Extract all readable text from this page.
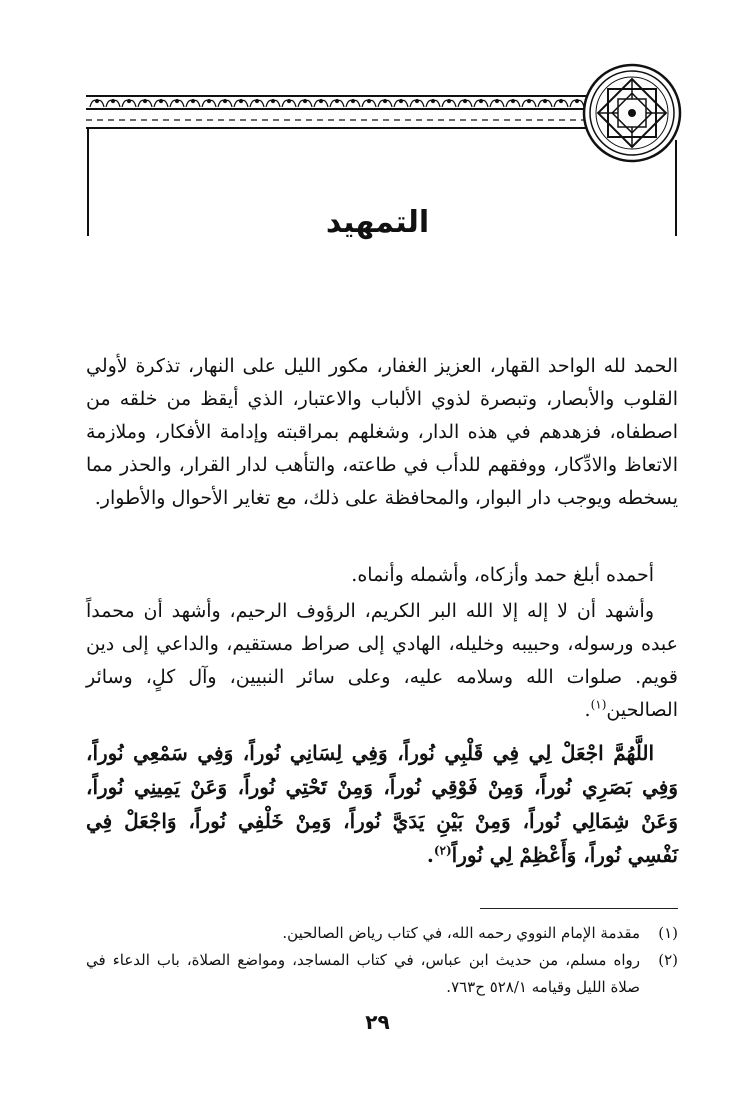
التمهيد

الحمد لله الواحد القهار، العزيز الغفار، مكور الليل على النهار، تذكرة لأولي القلوب والأبصار، وتبصرة لذوي الألباب والاعتبار، الذي أيقظ من خلقه من اصطفاه، فزهدهم في هذه الدار، وشغلهم بمراقبته وإدامة الأفكار، وملازمة الاتعاظ والادِّكار، ووفقهم للدأب في طاعته، والتأهب لدار القرار، والحذر مما يسخطه ويوجب دار البوار، والمحافظة على ذلك، مع تغاير الأحوال والأطوار.

أحمده أبلغ حمد وأزكاه، وأشمله وأنماه.

وأشهد أن لا إله إلا الله البر الكريم، الرؤوف الرحيم، وأشهد أن محمداً عبده ورسوله، وحبيبه وخليله، الهادي إلى صراط مستقيم، والداعي إلى دين قويم. صلوات الله وسلامه عليه، وعلى سائر النبيين، وآل كلٍ، وسائر الصالحين$^{(١)}$.

اللَّهُمَّ اجْعَلْ لِي فِي قَلْبِي نُوراً، وَفِي لِسَانِي نُوراً، وَفِي سَمْعِي نُوراً، وَفِي بَصَرِي نُوراً، وَمِنْ فَوْقِي نُوراً، وَمِنْ تَحْتِي نُوراً، وَعَنْ يَمِينِي نُوراً، وَعَنْ شِمَالِي نُوراً، وَمِنْ بَيْنِ يَدَيَّ نُوراً، وَمِنْ خَلْفِي نُوراً، وَاجْعَلْ فِي نَفْسِي نُوراً، وَأَعْظِمْ لِي نُوراً$^{(٢)}$.

(١)
مقدمة الإمام النووي رحمه الله، في كتاب رياض الصالحين.
(٢)
رواه مسلم، من حديث ابن عباس، في كتاب المساجد، ومواضع الصلاة، باب الدعاء في صلاة الليل وقيامه ٥٢٨/١ ح٧٦٣.
٢٩
